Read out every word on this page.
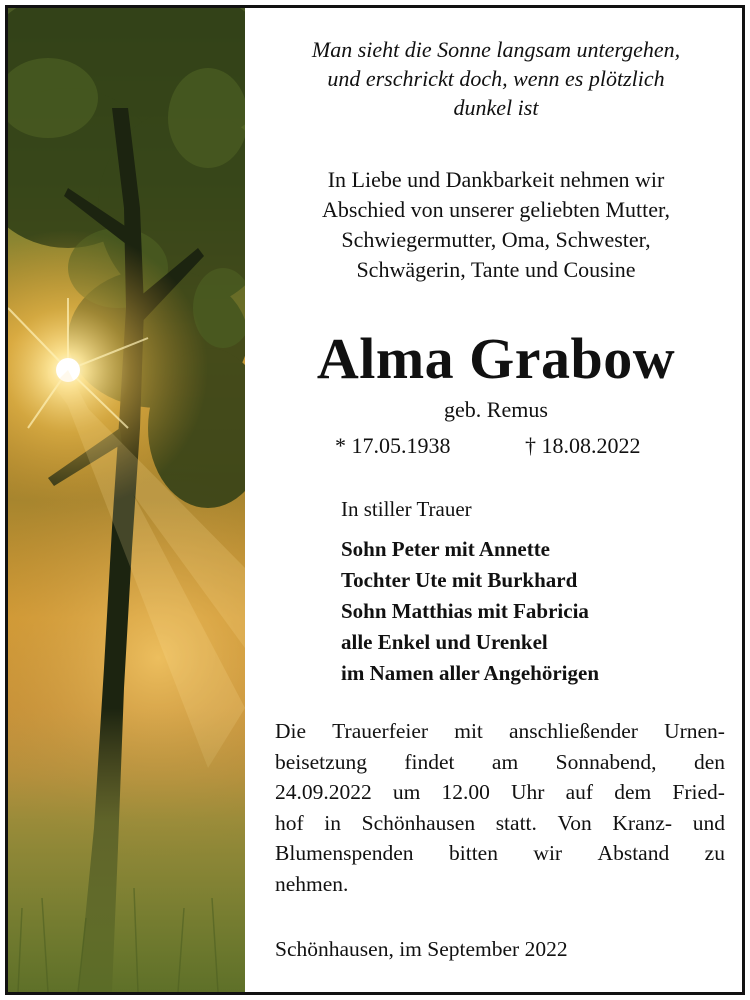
Man sieht die Sonne langsam untergehen,
und erschrickt doch, wenn es plötzlich
dunkel ist
In Liebe und Dankbarkeit nehmen wir
Abschied von unserer geliebten Mutter,
Schwiegermutter, Oma, Schwester,
Schwägerin, Tante und Cousine
Alma Grabow
geb. Remus
* 17.05.1938	† 18.08.2022
In stiller Trauer
Sohn Peter mit Annette
Tochter Ute mit Burkhard
Sohn Matthias mit Fabricia
alle Enkel und Urenkel
im Namen aller Angehörigen
Die Trauerfeier mit anschließender Urnen-
beisetzung findet am Sonnabend, den
24.09.2022 um 12.00 Uhr auf dem Fried-
hof in Schönhausen statt. Von Kranz- und
Blumenspenden bitten wir Abstand zu
nehmen.
Schönhausen, im September 2022
